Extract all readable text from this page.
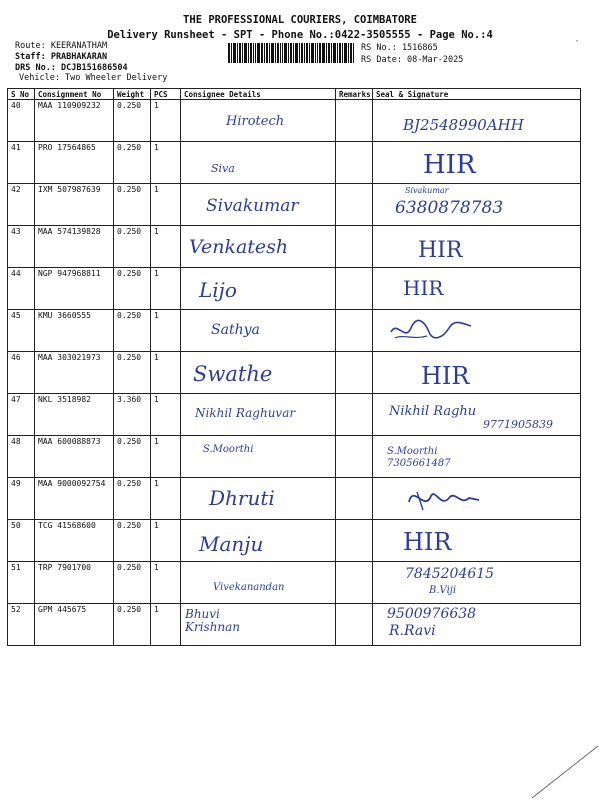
THE PROFESSIONAL COURIERS, COIMBATORE
Delivery Runsheet - SPT - Phone No.:0422-3505555 - Page No.:4
Route: KEERANATHAM
Staff: PRABHAKARAN
DRS No.: DCJB151686504
Vehicle: Two Wheeler Delivery
RS No.: 1516865
RS Date: 08-Mar-2025
·
S No	Consignment No	Weight	PCS	Consignee Details	Remarks	Seal & Signature
40	MAA 110909232	0.250	1	Hirotech		BJ2548990AHH

41	PRO 17564865	0.250	1	Siva		HIR

42	IXM 507987639	0.250	1	Sivakumar		Sivakumar
6380878783

43	MAA 574139828	0.250	1	Venkatesh		HIR

44	NGP 947968811	0.250	1	Lijo		HIR

45	KMU 3660555	0.250	1	Sathya

46	MAA 303021973	0.250	1	Swathe		HIR

47	NKL 3518982	3.360	1	Nikhil Raghuvar		Nikhil Raghu
9771905839

48	MAA 600088873	0.250	1	S.Moorthi		S.Moorthi
7305661487

49	MAA 9000092754	0.250	1	Dhruti

50	TCG 41568600	0.250	1	Manju		HIR

51	TRP 7901700	0.250	1	Vivekanandan		7845204615
B.Viji

52	GPM 445675	0.250	1	Bhuvi Krishnan		9500976638
R.Ravi
